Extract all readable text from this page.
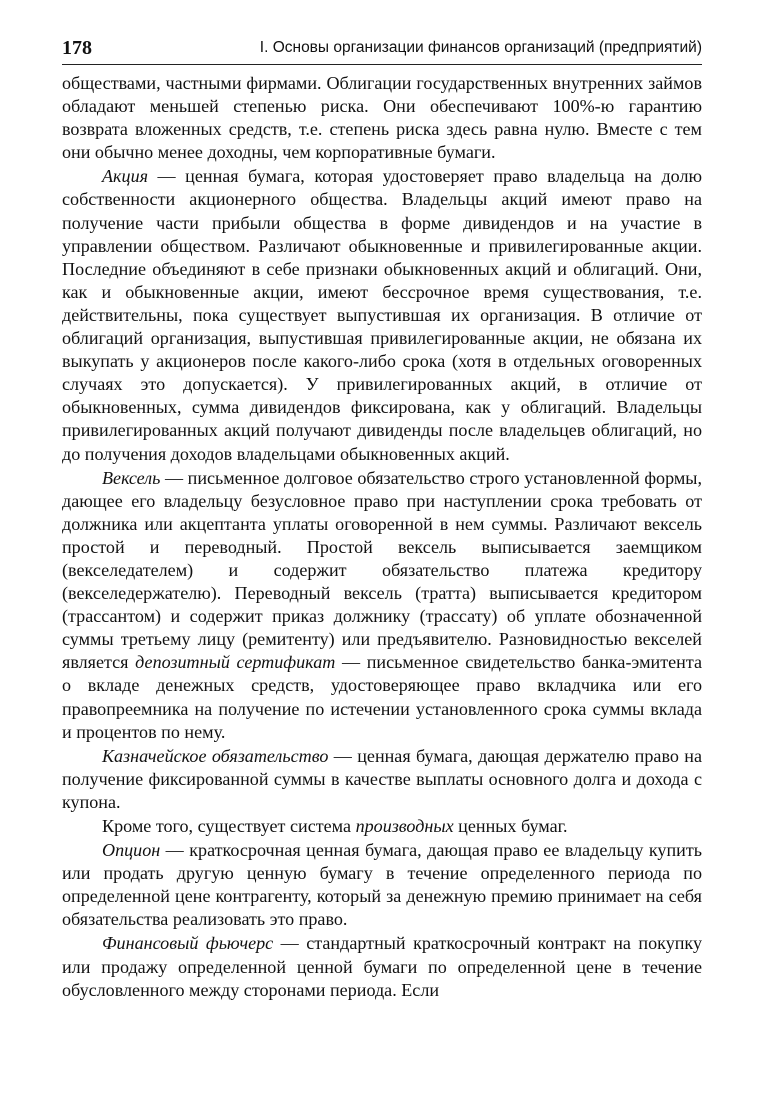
178	I. Основы организации финансов организаций (предприятий)

обществами, частными фирмами. Облигации государственных внутренних займов обладают меньшей степенью риска. Они обеспечивают 100%-ю гарантию возврата вложенных средств, т.е. степень риска здесь равна нулю. Вместе с тем они обычно менее доходны, чем корпоративные бумаги.

Акция — ценная бумага, которая удостоверяет право владельца на долю собственности акционерного общества. Владельцы акций имеют право на получение части прибыли общества в форме дивидендов и на участие в управлении обществом. Различают обыкновенные и привилегированные акции. Последние объединяют в себе признаки обыкновенных акций и облигаций. Они, как и обыкновенные акции, имеют бессрочное время существования, т.е. действительны, пока существует выпустившая их организация. В отличие от облигаций организация, выпустившая привилегированные акции, не обязана их выкупать у акционеров после какого-либо срока (хотя в отдельных оговоренных случаях это допускается). У привилегированных акций, в отличие от обыкновенных, сумма дивидендов фиксирована, как у облигаций. Владельцы привилегированных акций получают дивиденды после владельцев облигаций, но до получения доходов владельцами обыкновенных акций.

Вексель — письменное долговое обязательство строго установленной формы, дающее его владельцу безусловное право при наступлении срока требовать от должника или акцептанта уплаты оговоренной в нем суммы. Различают вексель простой и переводный. Простой вексель выписывается заемщиком (векселедателем) и содержит обязательство платежа кредитору (векселедержателю). Переводный вексель (тратта) выписывается кредитором (трассантом) и содержит приказ должнику (трассату) об уплате обозначенной суммы третьему лицу (ремитенту) или предъявителю. Разновидностью векселей является депозитный сертификат — письменное свидетельство банка-эмитента о вкладе денежных средств, удостоверяющее право вкладчика или его правопреемника на получение по истечении установленного срока суммы вклада и процентов по нему.

Казначейское обязательство — ценная бумага, дающая держателю право на получение фиксированной суммы в качестве выплаты основного долга и дохода с купона.

Кроме того, существует система производных ценных бумаг.

Опцион — краткосрочная ценная бумага, дающая право ее владельцу купить или продать другую ценную бумагу в течение определенного периода по определенной цене контрагенту, который за денежную премию принимает на себя обязательства реализовать это право.

Финансовый фьючерс — стандартный краткосрочный контракт на покупку или продажу определенной ценной бумаги по определенной цене в течение обусловленного между сторонами периода. Если
